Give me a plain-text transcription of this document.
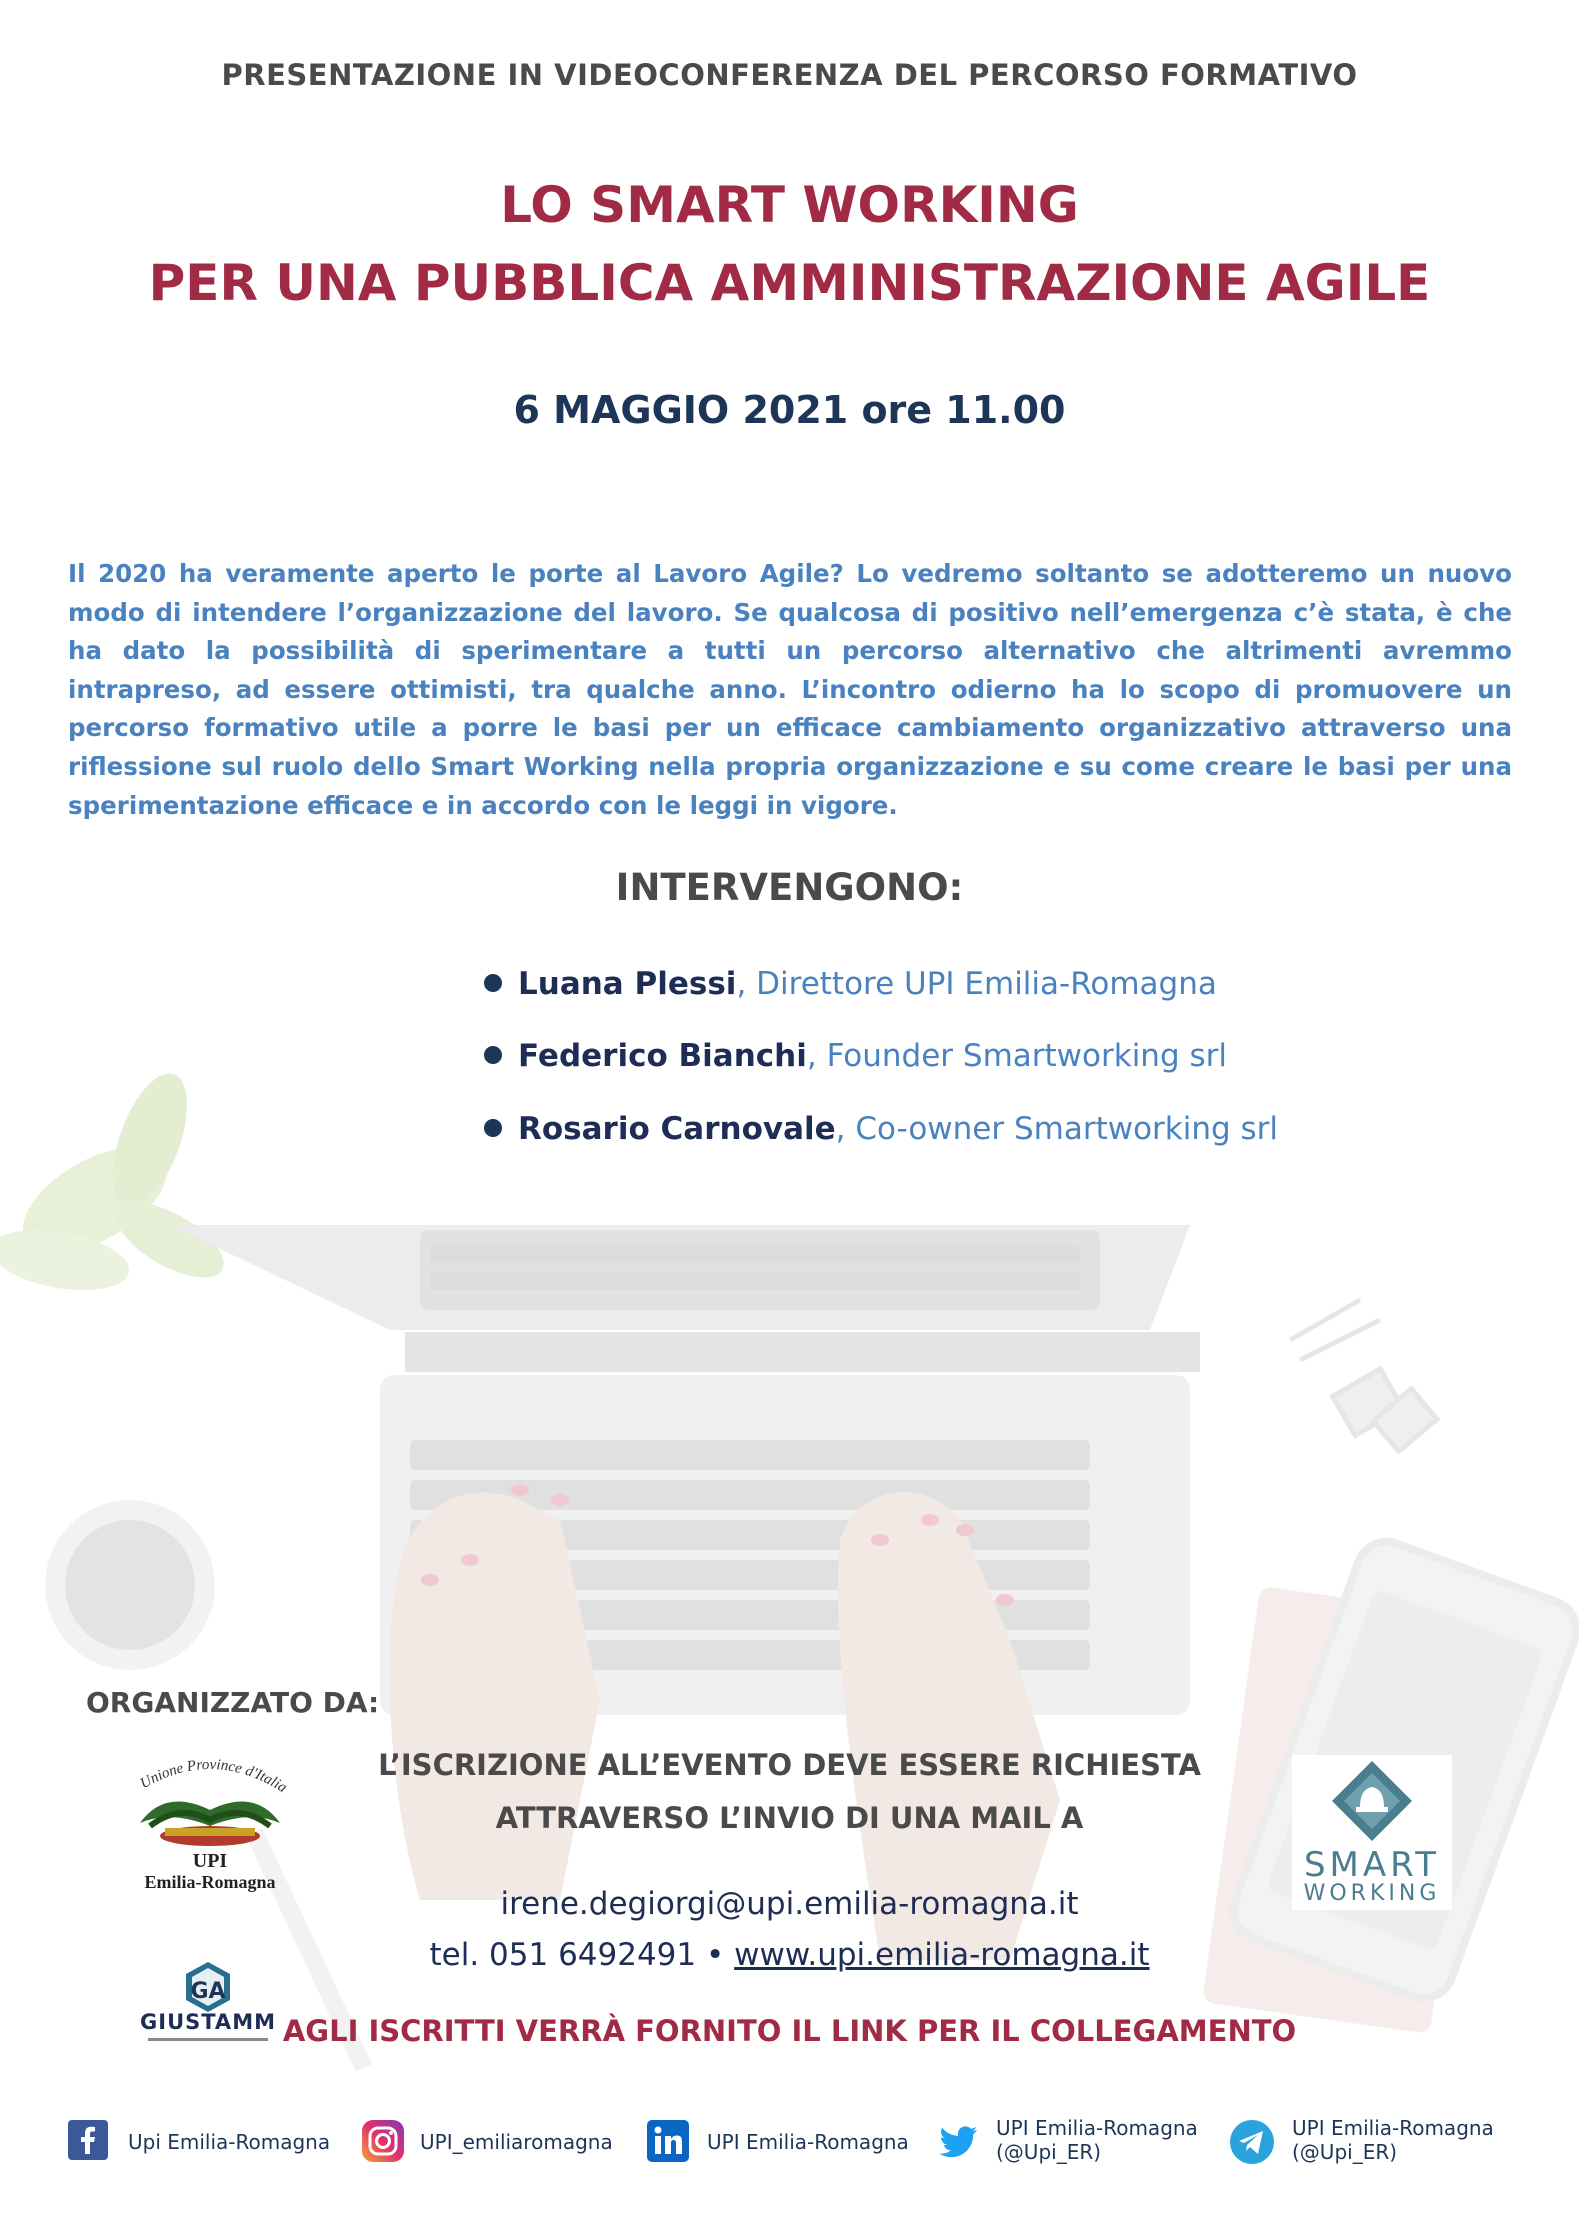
PRESENTAZIONE IN VIDEOCONFERENZA DEL PERCORSO FORMATIVO
LO SMART WORKING
PER UNA PUBBLICA AMMINISTRAZIONE AGILE
6 MAGGIO 2021 ore 11.00
Il 2020 ha veramente aperto le porte al Lavoro Agile? Lo vedremo soltanto se adotteremo un nuovo modo di intendere l’organizzazione del lavoro. Se qualcosa di positivo nell’emergenza c’è stata, è che ha dato la possibilità di sperimentare a tutti un percorso alternativo che altrimenti avremmo intrapreso, ad essere ottimisti, tra qualche anno. L’incontro odierno ha lo scopo di promuovere un percorso formativo utile a porre le basi per un efficace cambiamento organizzativo attraverso una riflessione sul ruolo dello Smart Working nella propria organizzazione e su come creare le basi per una sperimentazione efficace e in accordo con le leggi in vigore.
INTERVENGONO:
Luana Plessi, Direttore UPI Emilia-Romagna
Federico Bianchi, Founder Smartworking srl
Rosario Carnovale, Co-owner Smartworking srl
ORGANIZZATO DA:
Unione Province d'Italia
UPI
Emilia-Romagna
GA
GIUSTAMM
L’ISCRIZIONE ALL’EVENTO DEVE ESSERE RICHIESTA
ATTRAVERSO L’INVIO DI UNA MAIL A
irene.degiorgi@upi.emilia-romagna.it
tel. 051 6492491 • www.upi.emilia-romagna.it
AGLI ISCRITTI VERRÀ FORNITO IL LINK PER IL COLLEGAMENTO
SMART
WORKING
Upi Emilia-Romagna	UPI_emiliaromagna	UPI Emilia-Romagna
UPI Emilia-Romagna
(@Upi_ER)
UPI Emilia-Romagna
(@Upi_ER)
